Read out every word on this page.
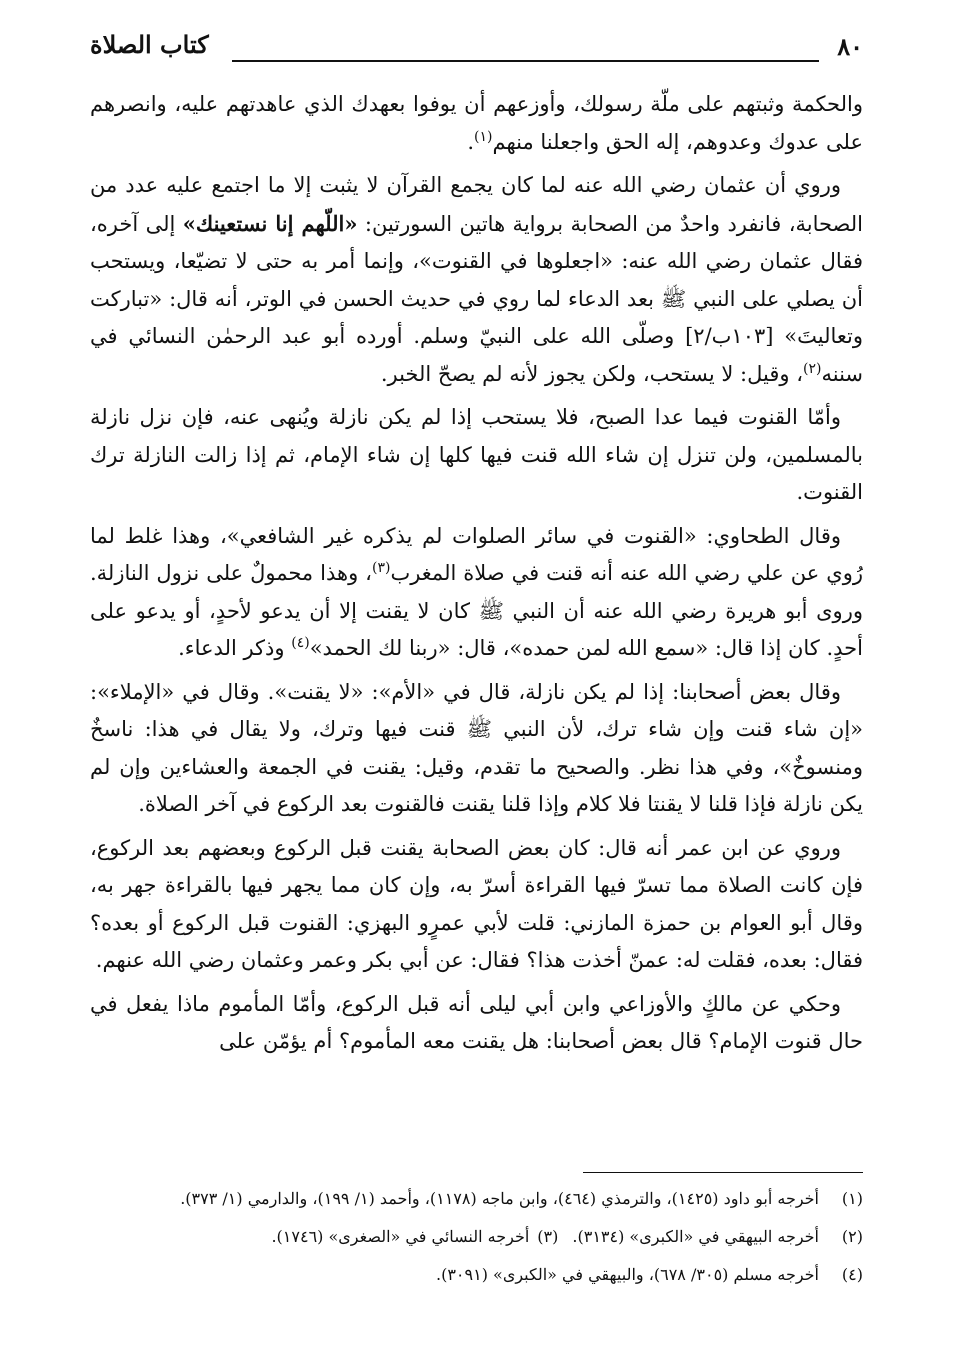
٨٠
كتاب الصلاة

والحكمة وثبتهم على ملّة رسولك، وأوزعهم أن يوفوا بعهدك الذي عاهدتهم عليه، وانصرهم على عدوك وعدوهم، إله الحق واجعلنا منهم$^{(١)}$.

وروي أن عثمان رضي الله عنه لما كان يجمع القرآن لا يثبت إلا ما اجتمع عليه عدد من الصحابة، فانفرد واحدٌ من الصحابة برواية هاتين السورتين: «اللّهم إنا نستعينك» إلى آخره، فقال عثمان رضي الله عنه: «اجعلوها في القنوت»، وإنما أمر به حتى لا تضيّعا، ويستحب أن يصلي على النبي ﷺ بعد الدعاء لما روي في حديث الحسن في الوتر، أنه قال: «تباركت وتعاليتَ» [١٠٣ب/٢] وصلّى الله على النبيّ وسلم. أورده أبو عبد الرحمٰن النسائي في سننه$^{(٢)}$، وقيل: لا يستحب، ولكن يجوز لأنه لم يصحّ الخبر.

وأمّا القنوت فيما عدا الصبح، فلا يستحب إذا لم يكن نازلة ويُنهى عنه، فإن نزل نازلة بالمسلمين، ولن تنزل إن شاء الله قنت فيها كلها إن شاء الإمام، ثم إذا زالت النازلة ترك القنوت.

وقال الطحاوي: «القنوت في سائر الصلوات لم يذكره غير الشافعي»، وهذا غلط لما رُوي عن علي رضي الله عنه أنه قنت في صلاة المغرب$^{(٣)}$، وهذا محمولٌ على نزول النازلة. وروى أبو هريرة رضي الله عنه أن النبي ﷺ كان لا يقنت إلا أن يدعو لأحدٍ، أو يدعو على أحدٍ. كان إذا قال: «سمع الله لمن حمده»، قال: «ربنا لك الحمد»$^{(٤)}$ وذكر الدعاء.

وقال بعض أصحابنا: إذا لم يكن نازلة، قال في «الأم»: «لا يقنت». وقال في «الإملاء»: «إن شاء قنت وإن شاء ترك، لأن النبي ﷺ قنت فيها وترك، ولا يقال في هذا: ناسخٌ ومنسوخٌ»، وفي هذا نظر. والصحيح ما تقدم، وقيل: يقنت في الجمعة والعشاءين وإن لم يكن نازلة فإذا قلنا لا يقنتا فلا كلام وإذا قلنا يقنت فالقنوت بعد الركوع في آخر الصلاة.

وروي عن ابن عمر أنه قال: كان بعض الصحابة يقنت قبل الركوع وبعضهم بعد الركوع، فإن كانت الصلاة مما تسرّ فيها القراءة أسرّ به، وإن كان مما يجهر فيها بالقراءة جهر به، وقال أبو العوام بن حمزة المازني: قلت لأبي عمرٍو البهزي: القنوت قبل الركوع أو بعده؟ فقال: بعده، فقلت له: عمنّ أخذت هذا؟ فقال: عن أبي بكر وعمر وعثمان رضي الله عنهم.

وحكي عن مالكٍ والأوزاعي وابن أبي ليلى أنه قبل الركوع، وأمّا المأموم ماذا يفعل في حال قنوت الإمام؟ قال بعض أصحابنا: هل يقنت معه المأموم؟ أم يؤمّن على

(١)
أخرجه أبو داود (١٤٢٥)، والترمذي (٤٦٤)، وابن ماجه (١١٧٨)، وأحمد (١/ ١٩٩)، والدارمي (١/ ٣٧٣).
(٢)
أخرجه البيهقي في «الكبرى» (٣١٣٤).(٣)أخرجه النسائي في «الصغرى» (١٧٤٦).
(٤)
أخرجه مسلم (٣٠٥/ ٦٧٨)، والبيهقي في «الكبرى» (٣٠٩١).
